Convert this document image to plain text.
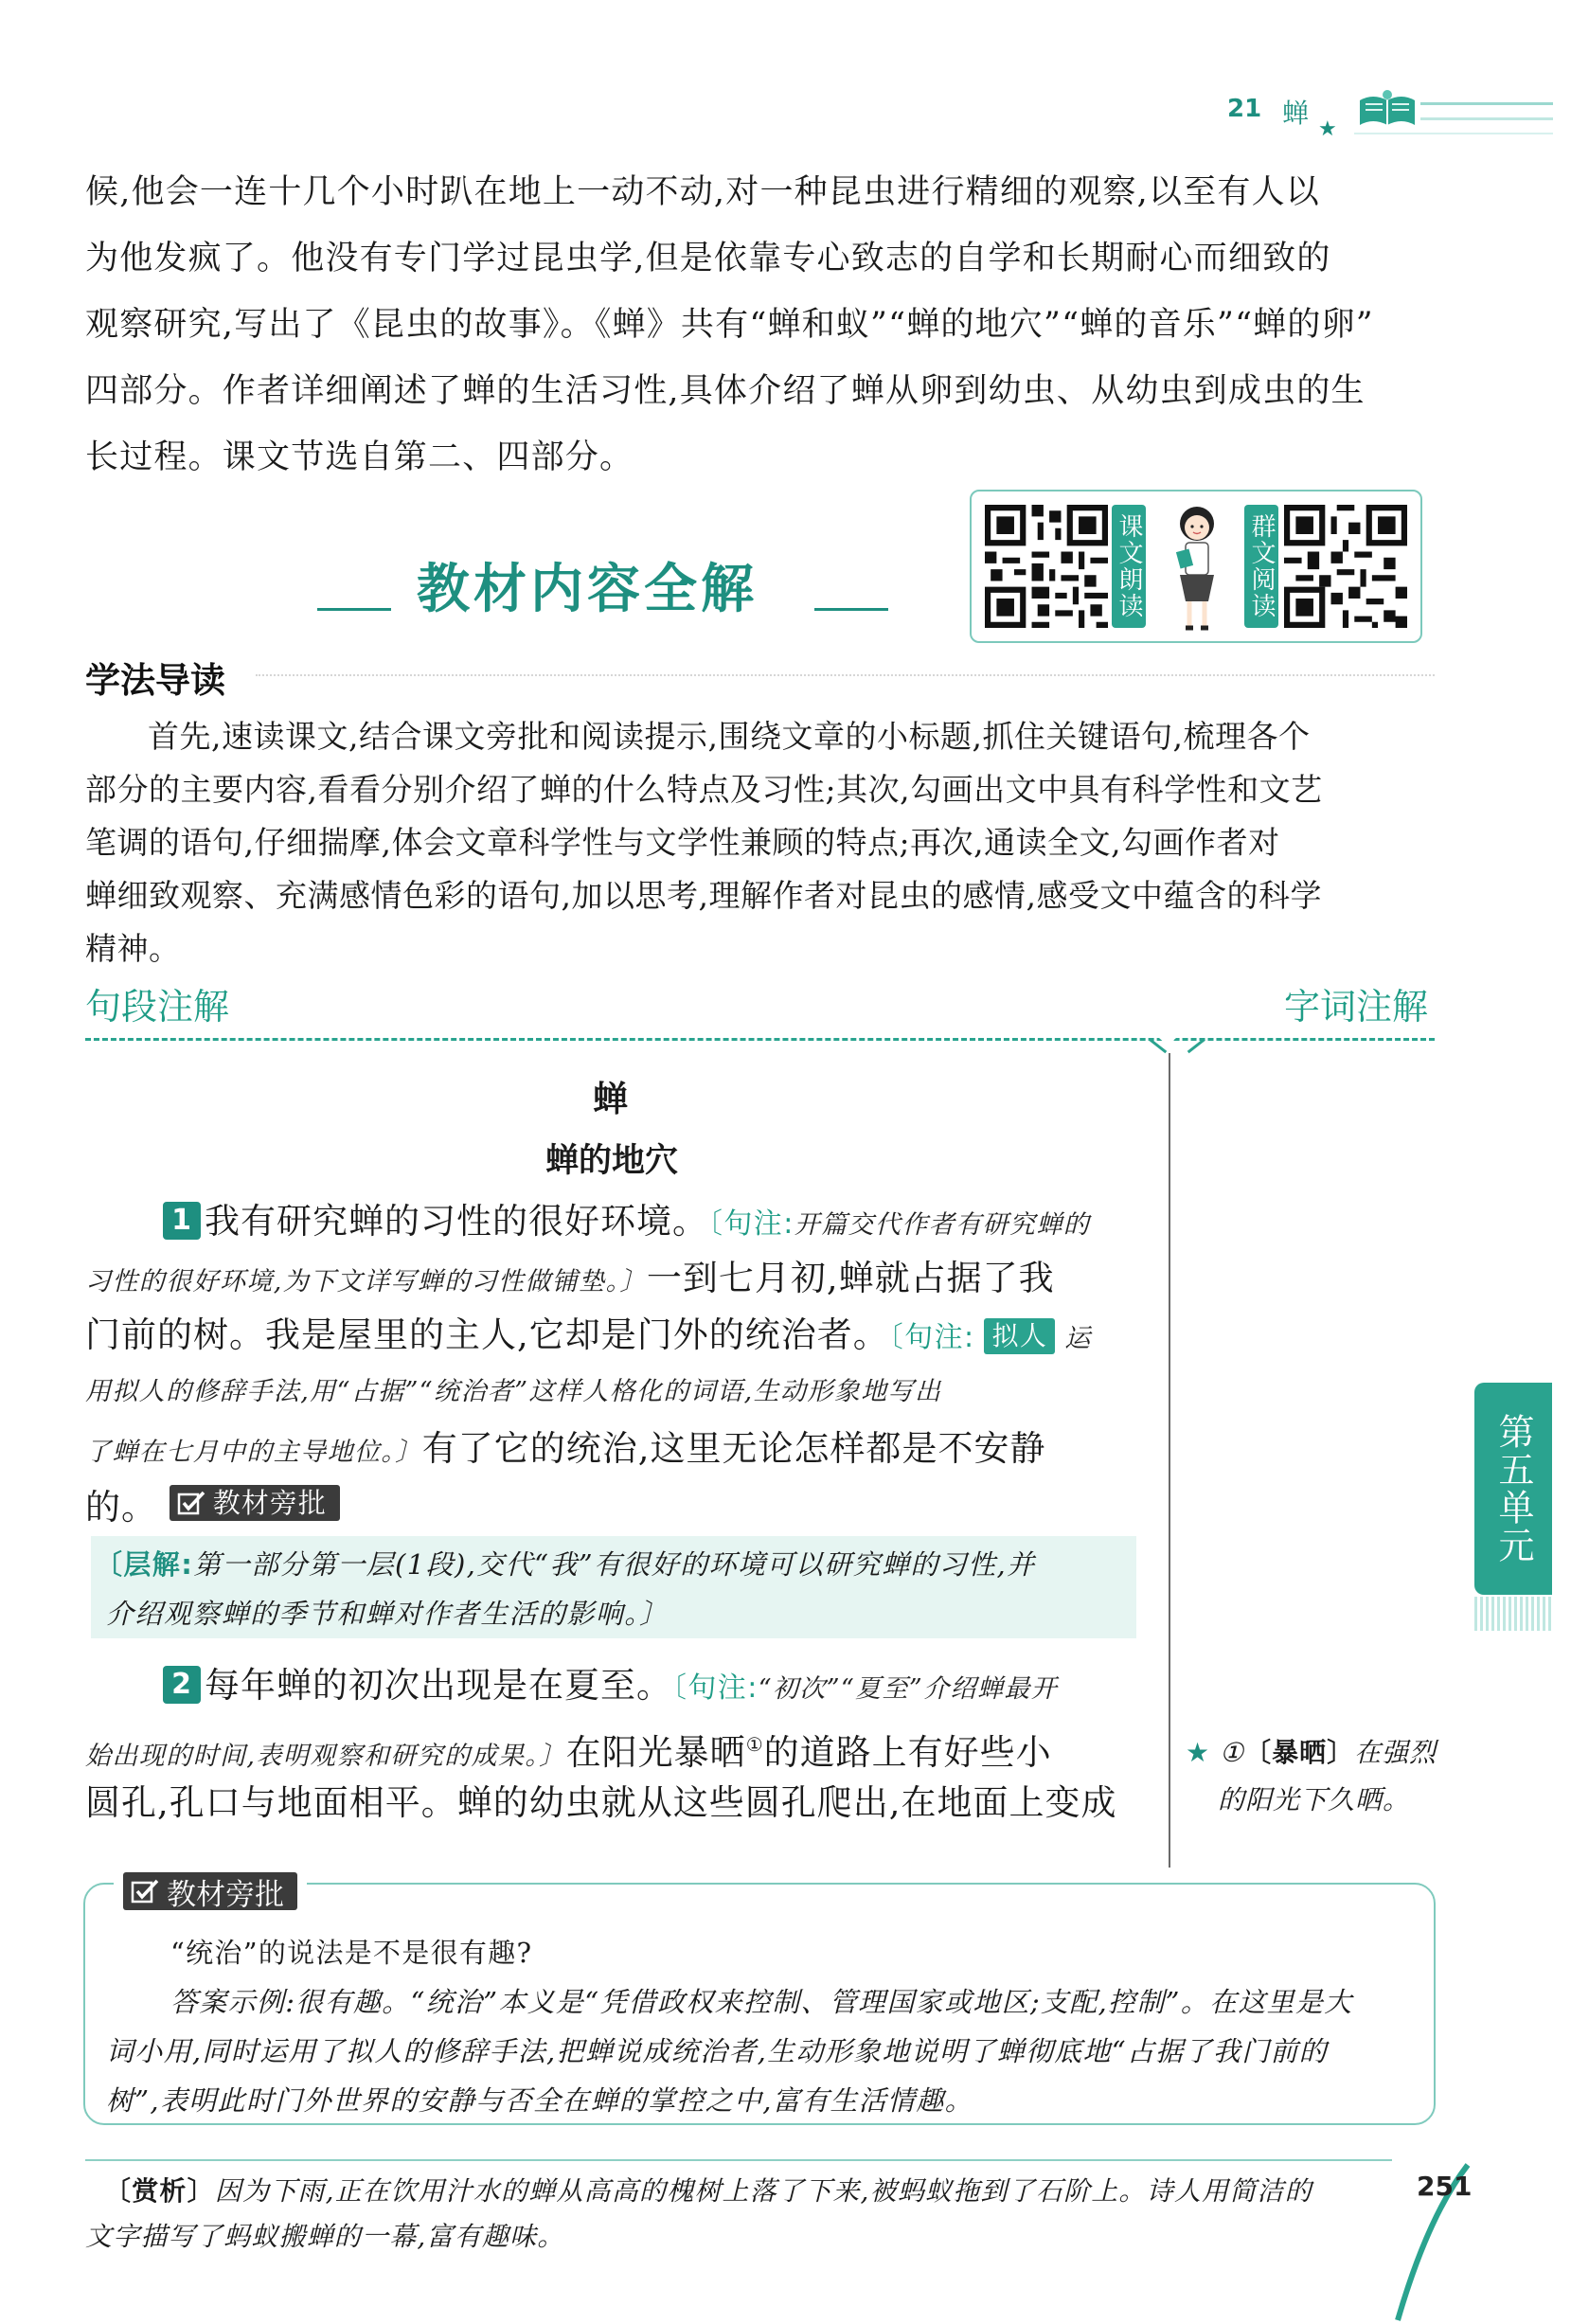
21 蝉
★
候,他会一连十几个小时趴在地上一动不动,对一种昆虫进行精细的观察,以至有人以
为他发疯了。他没有专门学过昆虫学,但是依靠专心致志的自学和长期耐心而细致的
观察研究,写出了《昆虫的故事》。《蝉》共有“蝉和蚁”“蝉的地穴”“蝉的音乐”“蝉的卵”
四部分。作者详细阐述了蝉的生活习性,具体介绍了蝉从卵到幼虫、从幼虫到成虫的生
长过程。课文节选自第二、四部分。
教材内容全解	课文朗读	群文阅读
学法导读
首先,速读课文,结合课文旁批和阅读提示,围绕文章的小标题,抓住关键语句,梳理各个
部分的主要内容,看看分别介绍了蝉的什么特点及习性;其次,勾画出文中具有科学性和文艺
笔调的语句,仔细揣摩,体会文章科学性与文学性兼顾的特点;再次,通读全文,勾画作者对
蝉细致观察、充满感情色彩的语句,加以思考,理解作者对昆虫的感情,感受文中蕴含的科学
精神。
句段注解	字词注解
蝉
蝉的地穴
1 我有研究蝉的习性的很好环境。〔句注:开篇交代作者有研究蝉的
习性的很好环境,为下文详写蝉的习性做铺垫。〕一到七月初,蝉就占据了我
门前的树。我是屋里的主人,它却是门外的统治者。〔句注: 拟人 运
用拟人的修辞手法,用“占据”“统治者”这样人格化的词语,生动形象地写出
了蝉在七月中的主导地位。〕有了它的统治,这里无论怎样都是不安静
的。 教材旁批
〔层解:第一部分第一层(1段),交代“我”有很好的环境可以研究蝉的习性,并
介绍观察蝉的季节和蝉对作者生活的影响。〕
2 每年蝉的初次出现是在夏至。〔句注:“初次”“夏至”介绍蝉最开
始出现的时间,表明观察和研究的成果。〕在阳光暴晒①的道路上有好些小
圆孔,孔口与地面相平。蝉的幼虫就从这些圆孔爬出,在地面上变成
★ ①〔暴晒〕在强烈
的阳光下久晒。
第五单元
教材旁批
“统治”的说法是不是很有趣?
答案示例:很有趣。“统治”本义是“凭借政权来控制、管理国家或地区;支配,控制”。在这里是大
词小用,同时运用了拟人的修辞手法,把蝉说成统治者,生动形象地说明了蝉彻底地“占据了我门前的
树”,表明此时门外世界的安静与否全在蝉的掌控之中,富有生活情趣。
〔赏析〕因为下雨,正在饮用汁水的蝉从高高的槐树上落了下来,被蚂蚁拖到了石阶上。诗人用简洁的
文字描写了蚂蚁搬蝉的一幕,富有趣味。
251
